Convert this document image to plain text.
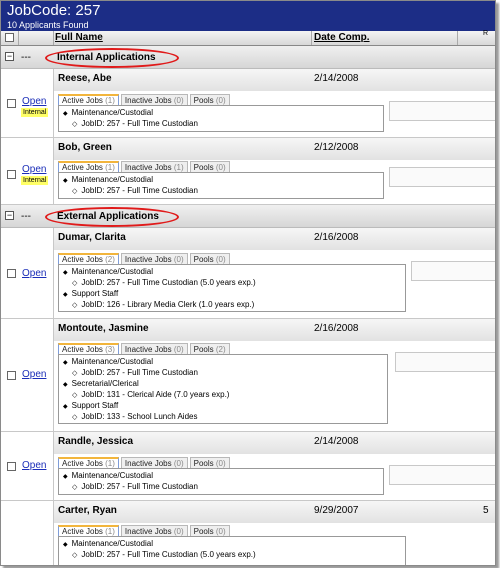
JobCode: 257
10 Applicants Found
Full Name	Date Comp.	R
− ---	Internal Applications
Open
Internal
Reese, Abe	2/14/2008
Active Jobs (1)	Inactive Jobs (0)	Pools (0)
◆ Maintenance/Custodial
◇ JobID: 257 - Full Time Custodian
Open
Internal
Bob, Green	2/12/2008
Active Jobs (1)	Inactive Jobs (1)	Pools (0)
◆ Maintenance/Custodial
◇ JobID: 257 - Full Time Custodian
− ---	External Applications
Open
Dumar, Clarita	2/16/2008
Active Jobs (2)	Inactive Jobs (0)	Pools (0)
◆ Maintenance/Custodial
◇ JobID: 257 - Full Time Custodian (5.0 years exp.)
◆ Support Staff
◇ JobID: 126 - Library Media Clerk (1.0 years exp.)
Open
Montoute, Jasmine	2/16/2008
Active Jobs (3)	Inactive Jobs (0)	Pools (2)
◆ Maintenance/Custodial
◇ JobID: 257 - Full Time Custodian
◆ Secretarial/Clerical
◇ JobID: 131 - Clerical Aide (7.0 years exp.)
◆ Support Staff
◇ JobID: 133 - School Lunch Aides
Open
Randle, Jessica	2/14/2008
Active Jobs (1)	Inactive Jobs (0)	Pools (0)
◆ Maintenance/Custodial
◇ JobID: 257 - Full Time Custodian
Carter, Ryan	9/29/2007	5
Active Jobs (1)	Inactive Jobs (0)	Pools (0)
◆ Maintenance/Custodial
◇ JobID: 257 - Full Time Custodian (5.0 years exp.)
